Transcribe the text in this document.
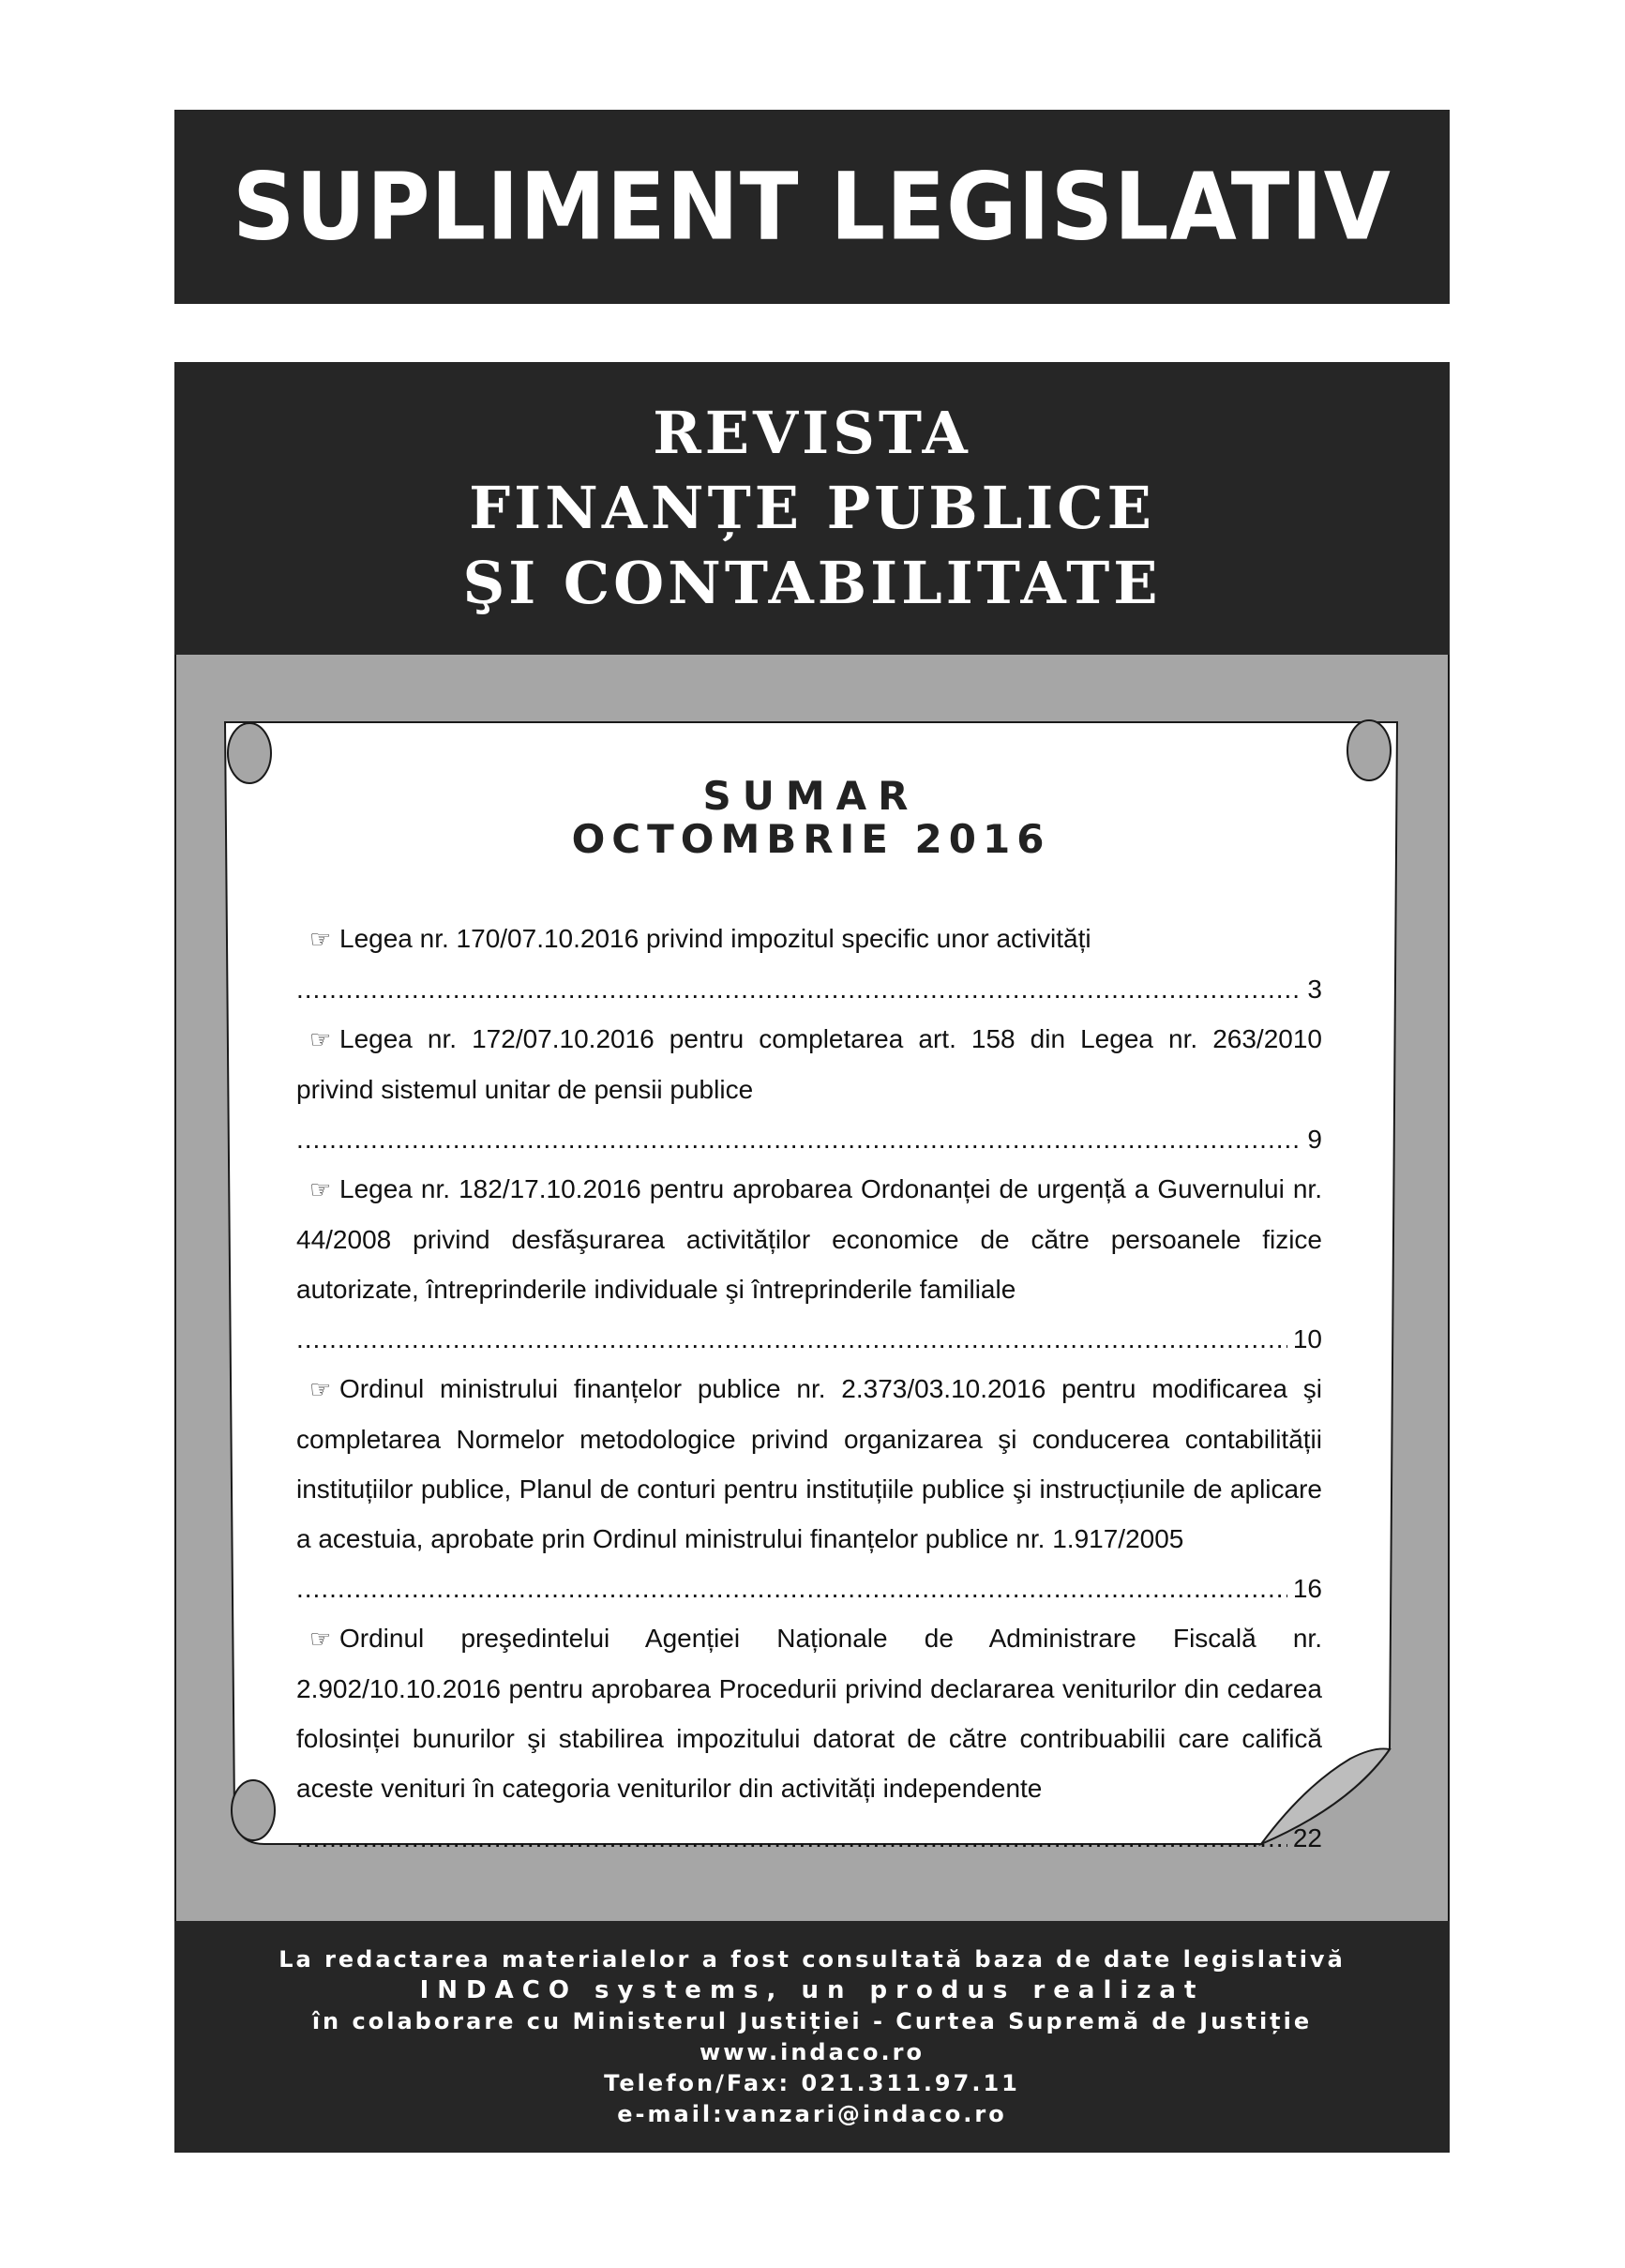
SUPLIMENT LEGISLATIV
REVISTA
FINANȚE PUBLICE
ŞI CONTABILITATE
La redactarea materialelor a fost consultată baza de date legislativă
INDACO systems, un produs realizat
în colaborare cu Ministerul Justiției - Curtea Supremă de Justiție
www.indaco.ro
Telefon/Fax: 021.311.97.11
e-mail:vanzari@indaco.ro
SUMAR
OCTOMBRIE 2016
☞ Legea nr. 170/07.10.2016 privind impozitul specific unor activități
.....
3
☞ Legea nr. 172/07.10.2016 pentru completarea art. 158 din Legea nr. 263/2010 privind sistemul unitar de pensii publice
.....
9
☞ Legea nr. 182/17.10.2016 pentru aprobarea Ordonanței de urgență a Guvernului nr. 44/2008 privind desfăşurarea activităților economice de către persoanele fizice autorizate, întreprinderile individuale şi întreprinderile familiale
.....
10
☞ Ordinul ministrului finanțelor publice nr. 2.373/03.10.2016 pentru modificarea şi completarea Normelor metodologice privind organizarea şi conducerea contabilității instituțiilor publice, Planul de conturi pentru instituțiile publice şi instrucțiunile de aplicare a acestuia, aprobate prin Ordinul ministrului finanțelor publice nr. 1.917/2005
.....
16
☞ Ordinul preşedintelui Agenției Naționale de Administrare Fiscală nr. 2.902/10.10.2016 pentru aprobarea Procedurii privind declararea veniturilor din cedarea folosinței bunurilor şi stabilirea impozitului datorat de către contribuabilii care califică aceste venituri în categoria veniturilor din activități independente
.....
22
